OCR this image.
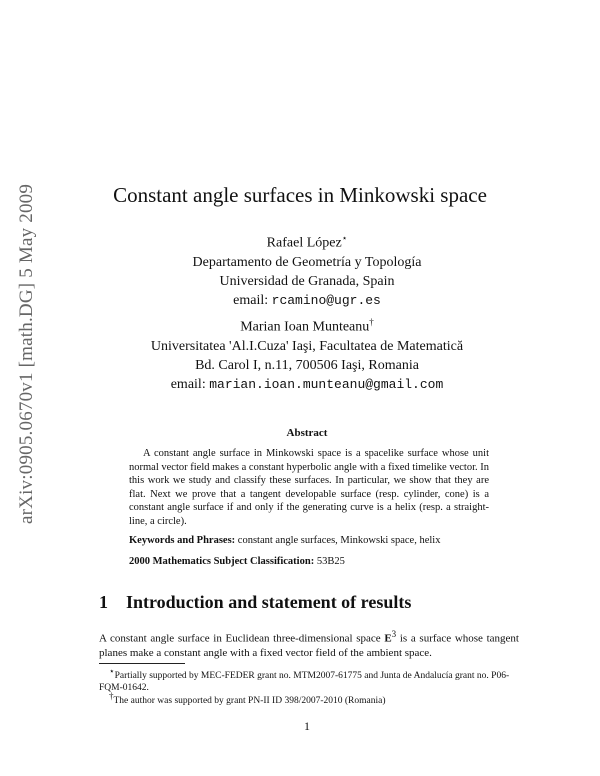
arXiv:0905.0670v1 [math.DG] 5 May 2009	Constant angle surfaces in Minkowski space
Rafael López⋆
Departamento de Geometría y Topología
Universidad de Granada, Spain
email: rcamino@ugr.es
Marian Ioan Munteanu†
Universitatea 'Al.I.Cuza' Iaşi, Facultatea de Matematică
Bd. Carol I, n.11, 700506 Iaşi, Romania
email: marian.ioan.munteanu@gmail.com
Abstract
A constant angle surface in Minkowski space is a spacelike surface whose unit normal vector field makes a constant hyperbolic angle with a fixed timelike vector. In this work we study and classify these surfaces. In particular, we show that they are flat. Next we prove that a tangent developable surface (resp. cylinder, cone) is a constant angle surface if and only if the generating curve is a helix (resp. a straight-line, a circle).
Keywords and Phrases: constant angle surfaces, Minkowski space, helix
2000 Mathematics Subject Classification: 53B25
1 Introduction and statement of results
A constant angle surface in Euclidean three-dimensional space $E^3$ is a surface whose tangent planes make a constant angle with a fixed vector field of the ambient space.
⋆Partially supported by MEC-FEDER grant no. MTM2007-61775 and Junta de Andalucía grant no. P06-FQM-01642.
†The author was supported by grant PN-II ID 398/2007-2010 (Romania)
1
